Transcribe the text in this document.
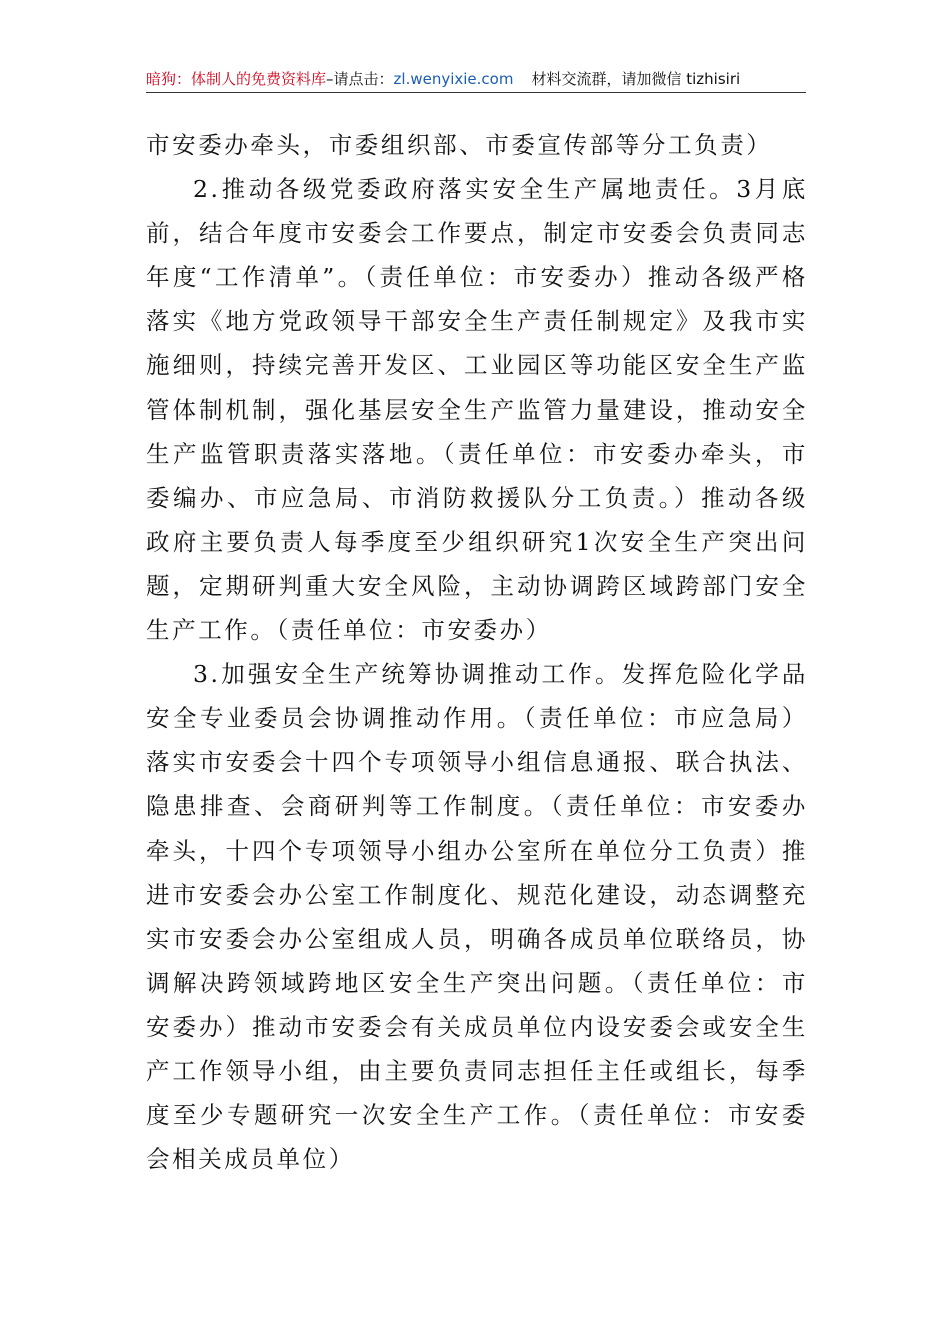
暗狗：体制人的免费资料库–请点击：zl.wenyixie.com 材料交流群，请加微信 tizhisiri

市安委办牵头，市委组织部、市委宣传部等分工负责）

2.推动各级党委政府落实安全生产属地责任。3月底前，结合年度市安委会工作要点，制定市安委会负责同志年度“工作清单”。（责任单位：市安委办）推动各级严格落实《地方党政领导干部安全生产责任制规定》及我市实施细则，持续完善开发区、工业园区等功能区安全生产监管体制机制，强化基层安全生产监管力量建设，推动安全生产监管职责落实落地。（责任单位：市安委办牵头，市委编办、市应急局、市消防救援队分工负责。）推动各级政府主要负责人每季度至少组织研究1次安全生产突出问题，定期研判重大安全风险，主动协调跨区域跨部门安全生产工作。（责任单位：市安委办）

3.加强安全生产统筹协调推动工作。发挥危险化学品安全专业委员会协调推动作用。（责任单位：市应急局）落实市安委会十四个专项领导小组信息通报、联合执法、隐患排查、会商研判等工作制度。（责任单位：市安委办牵头，十四个专项领导小组办公室所在单位分工负责）推进市安委会办公室工作制度化、规范化建设，动态调整充实市安委会办公室组成人员，明确各成员单位联络员，协调解决跨领域跨地区安全生产突出问题。（责任单位：市安委办）推动市安委会有关成员单位内设安委会或安全生产工作领导小组，由主要负责同志担任主任或组长，每季度至少专题研究一次安全生产工作。（责任单位：市安委会相关成员单位）
